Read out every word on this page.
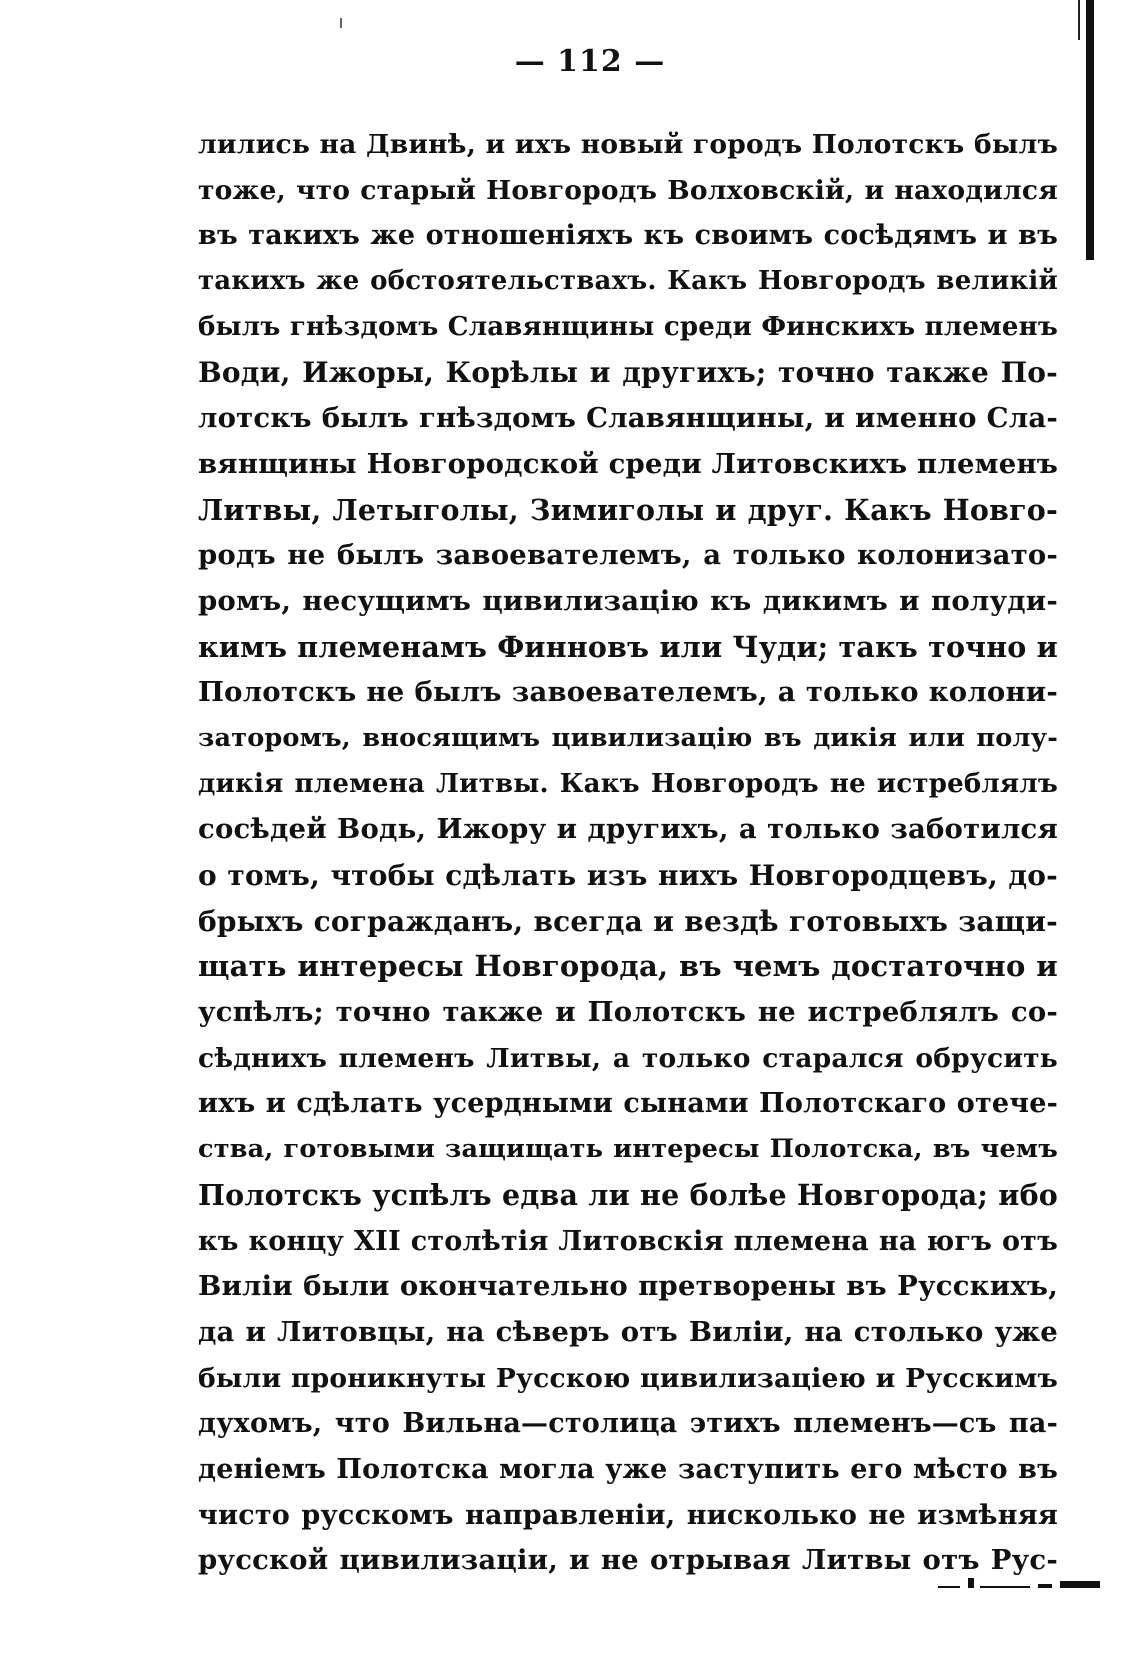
— 112 —
лились на Двинѣ, и ихъ новый городъ Полотскъ былъ
тоже, что старый Новгородъ Волховскій, и находился
въ такихъ же отношеніяхъ къ своимъ сосѣдямъ и въ
такихъ же обстоятельствахъ. Какъ Новгородъ великій
былъ гнѣздомъ Славянщины среди Финскихъ племенъ
Води, Ижоры, Корѣлы и другихъ; точно также По-
лотскъ былъ гнѣздомъ Славянщины, и именно Сла-
вянщины Новгородской среди Литовскихъ племенъ
Литвы, Летыголы, Зимиголы и друг. Какъ Новго-
родъ не былъ завоевателемъ, а только колонизато-
ромъ, несущимъ цивилизацію къ дикимъ и полуди-
кимъ племенамъ Финновъ или Чуди; такъ точно и
Полотскъ не былъ завоевателемъ, а только колони-
заторомъ, вносящимъ цивилизацію въ дикія или полу-
дикія племена Литвы. Какъ Новгородъ не истреблялъ
сосѣдей Водь, Ижору и другихъ, а только заботился
о томъ, чтобы сдѣлать изъ нихъ Новгородцевъ, до-
брыхъ согражданъ, всегда и вездѣ готовыхъ защи-
щать интересы Новгорода, въ чемъ достаточно и
успѣлъ; точно также и Полотскъ не истреблялъ со-
сѣднихъ племенъ Литвы, а только старался обрусить
ихъ и сдѣлать усердными сынами Полотскаго отече-
ства, готовыми защищать интересы Полотска, въ чемъ
Полотскъ успѣлъ едва ли не болѣе Новгорода; ибо
къ концу XII столѣтія Литовскія племена на югъ отъ
Виліи были окончательно претворены въ Русскихъ,
да и Литовцы, на сѣверъ отъ Виліи, на столько уже
были проникнуты Русскою цивилизацiею и Русскимъ
духомъ, что Вильна—столица этихъ племенъ—съ па-
деніемъ Полотска могла уже заступить его мѣсто въ
чисто русскомъ направленіи, нисколько не измѣняя
русской цивилизаціи, и не отрывая Литвы отъ Рус-
